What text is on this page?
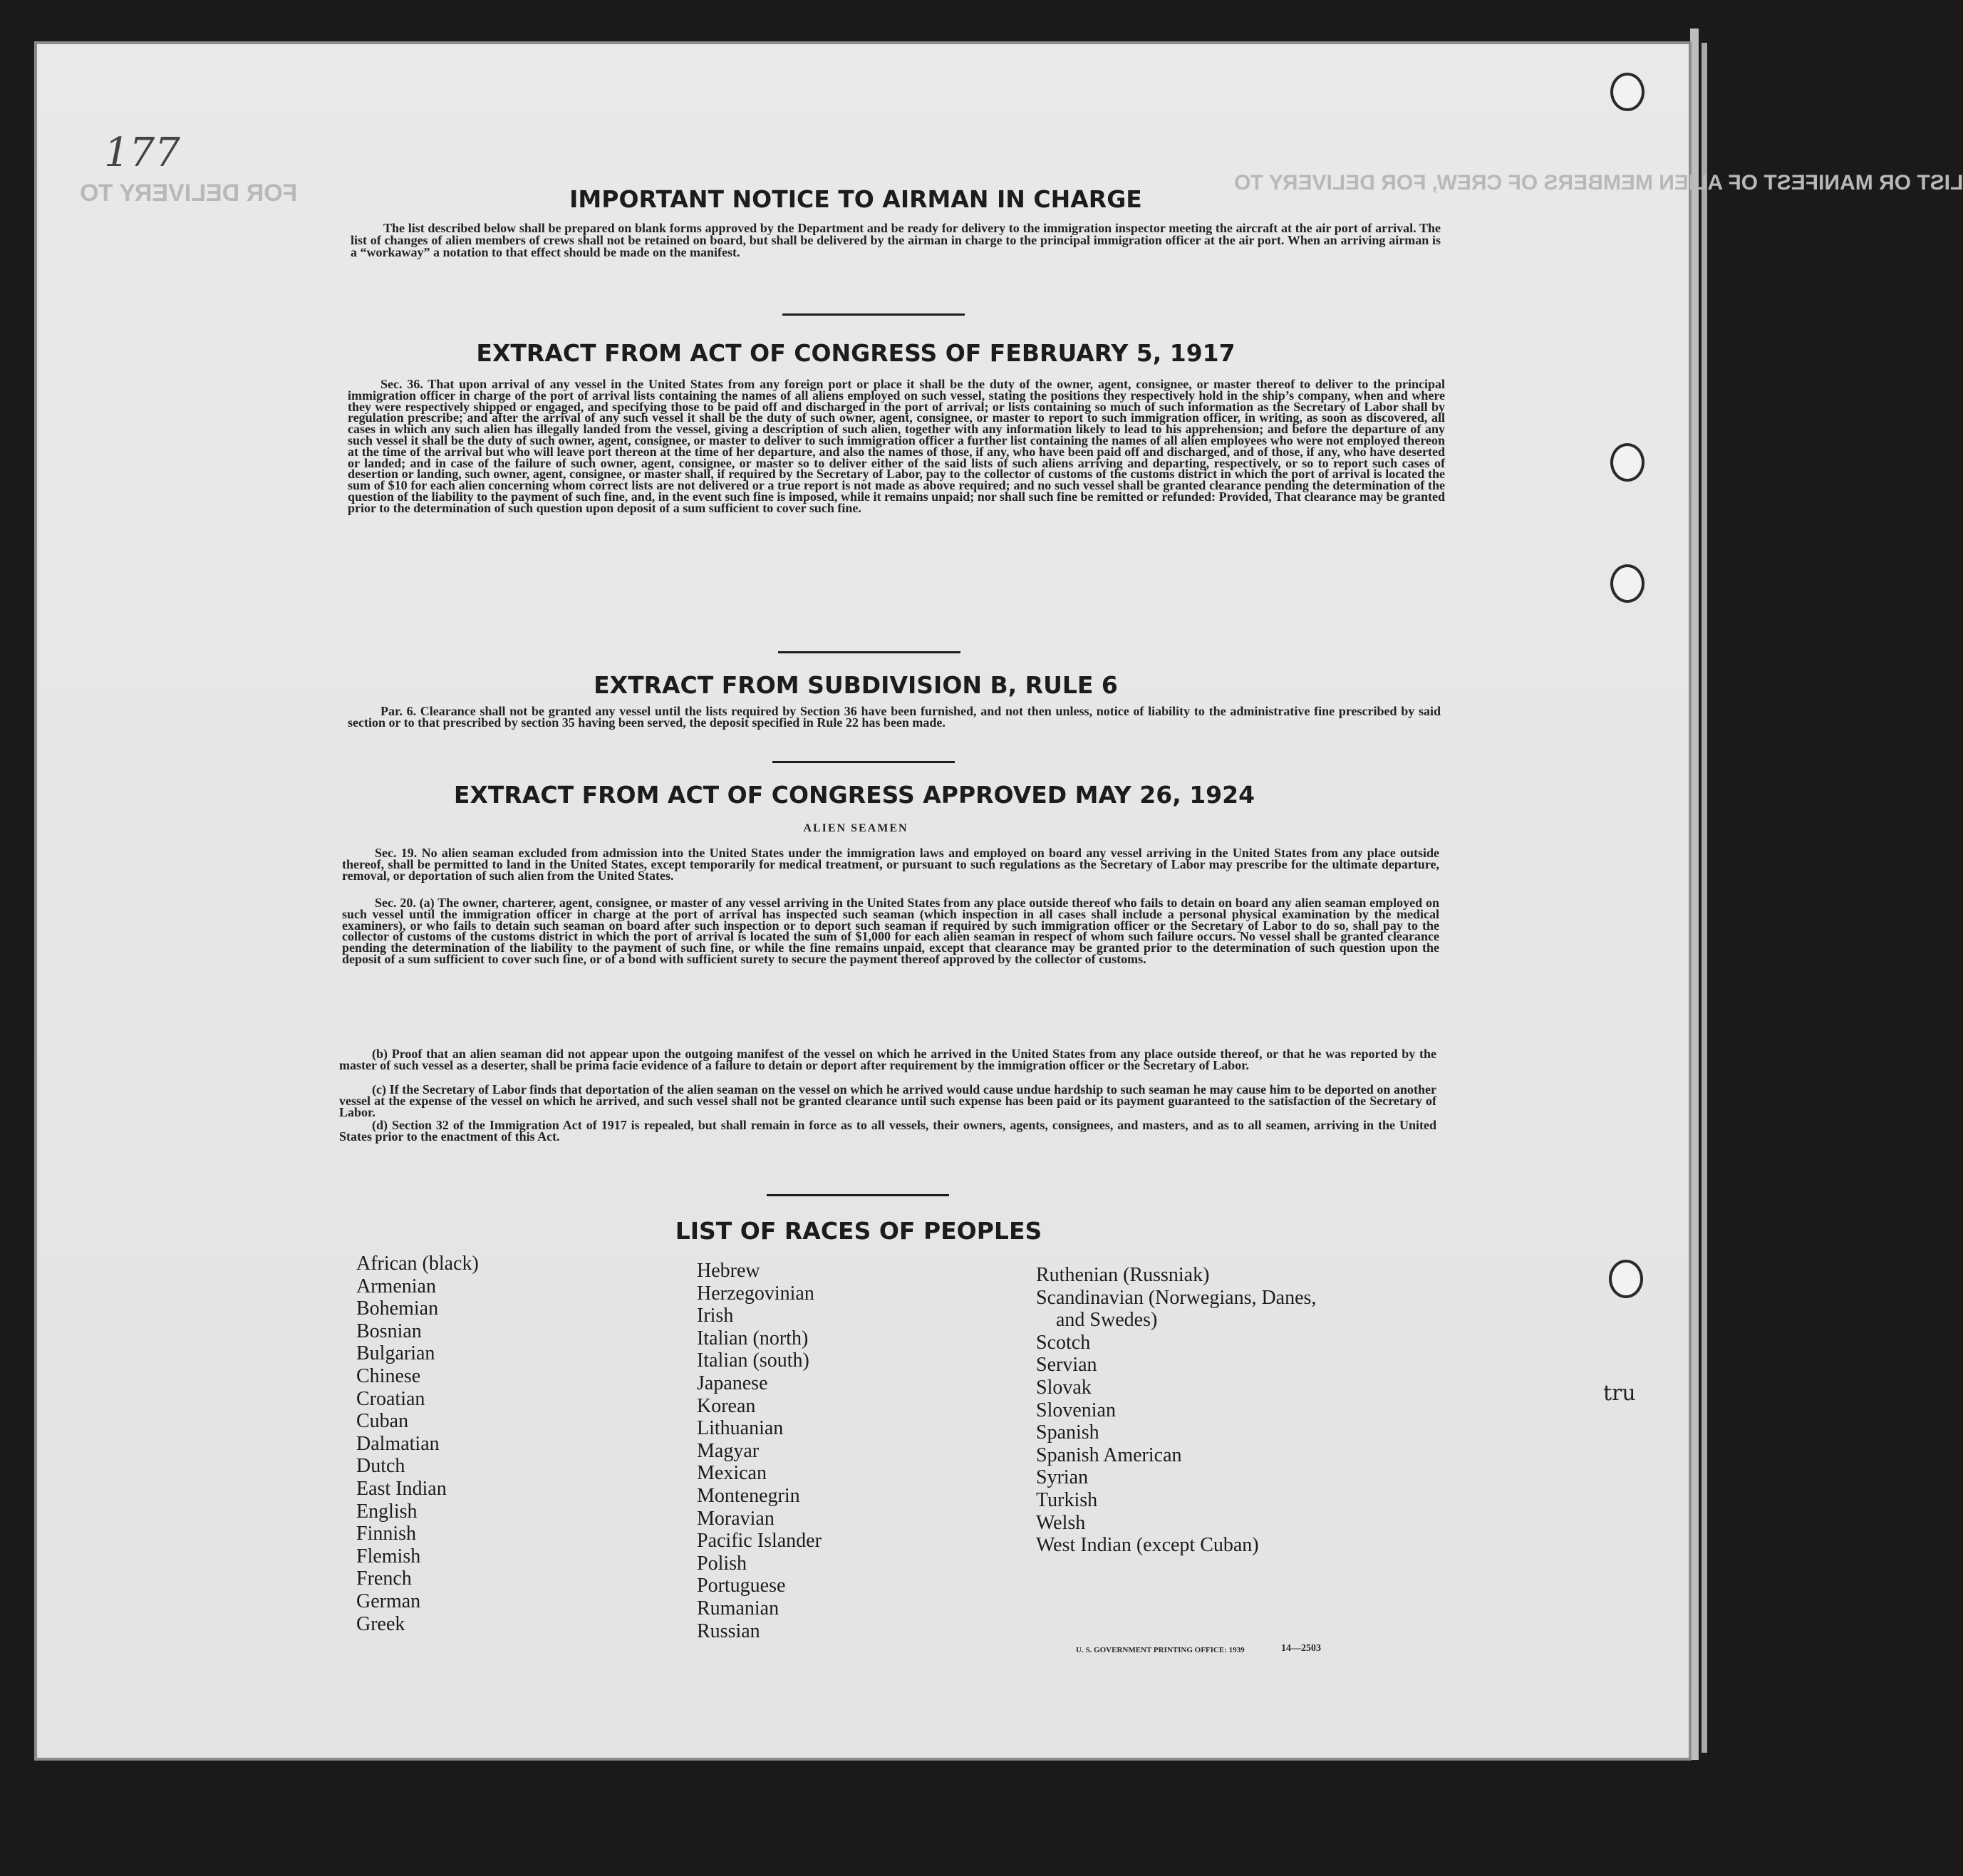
LIST OR MANIFEST OF ALIEN MEMBERS OF CREW, FOR DELIVERY TO
FOR DELIVERY TO
177
IMPORTANT NOTICE TO AIRMAN IN CHARGE

The list described below shall be prepared on blank forms approved by the Department and be ready for delivery to the immigration inspector meeting the aircraft at the air port of arrival. The list of changes of alien members of crews shall not be retained on board, but shall be delivered by the airman in charge to the principal immigration officer at the air port. When an arriving airman is a “workaway” a notation to that effect should be made on the manifest.

EXTRACT FROM ACT OF CONGRESS OF FEBRUARY 5, 1917

Sec. 36. That upon arrival of any vessel in the United States from any foreign port or place it shall be the duty of the owner, agent, consignee, or master thereof to deliver to the principal immigration officer in charge of the port of arrival lists containing the names of all aliens employed on such vessel, stating the positions they respectively hold in the ship’s company, when and where they were respectively shipped or engaged, and specifying those to be paid off and discharged in the port of arrival; or lists containing so much of such information as the Secretary of Labor shall by regulation prescribe; and after the arrival of any such vessel it shall be the duty of such owner, agent, consignee, or master to report to such immigration officer, in writing, as soon as discovered, all cases in which any such alien has illegally landed from the vessel, giving a description of such alien, together with any information likely to lead to his apprehension; and before the departure of any such vessel it shall be the duty of such owner, agent, consignee, or master to deliver to such immigration officer a further list containing the names of all alien employees who were not employed thereon at the time of the arrival but who will leave port thereon at the time of her departure, and also the names of those, if any, who have been paid off and discharged, and of those, if any, who have deserted or landed; and in case of the failure of such owner, agent, consignee, or master so to deliver either of the said lists of such aliens arriving and departing, respectively, or so to report such cases of desertion or landing, such owner, agent, consignee, or master shall, if required by the Secretary of Labor, pay to the collector of customs of the customs district in which the port of arrival is located the sum of $10 for each alien concerning whom correct lists are not delivered or a true report is not made as above required; and no such vessel shall be granted clearance pending the determination of the question of the liability to the payment of such fine, and, in the event such fine is imposed, while it remains unpaid; nor shall such fine be remitted or refunded: Provided, That clearance may be granted prior to the determination of such question upon deposit of a sum sufficient to cover such fine.

EXTRACT FROM SUBDIVISION B, RULE 6

Par. 6. Clearance shall not be granted any vessel until the lists required by Section 36 have been furnished, and not then unless, notice of liability to the administrative fine prescribed by said section or to that prescribed by section 35 having been served, the deposit specified in Rule 22 has been made.

EXTRACT FROM ACT OF CONGRESS APPROVED MAY 26, 1924
ALIEN SEAMEN

Sec. 19. No alien seaman excluded from admission into the United States under the immigration laws and employed on board any vessel arriving in the United States from any place outside thereof, shall be permitted to land in the United States, except temporarily for medical treatment, or pursuant to such regulations as the Secretary of Labor may prescribe for the ultimate departure, removal, or deportation of such alien from the United States.

Sec. 20. (a) The owner, charterer, agent, consignee, or master of any vessel arriving in the United States from any place outside thereof who fails to detain on board any alien seaman employed on such vessel until the immigration officer in charge at the port of arrival has inspected such seaman (which inspection in all cases shall include a personal physical examination by the medical examiners), or who fails to detain such seaman on board after such inspection or to deport such seaman if required by such immigration officer or the Secretary of Labor to do so, shall pay to the collector of customs of the customs district in which the port of arrival is located the sum of $1,000 for each alien seaman in respect of whom such failure occurs. No vessel shall be granted clearance pending the determination of the liability to the payment of such fine, or while the fine remains unpaid, except that clearance may be granted prior to the determination of such question upon the deposit of a sum sufficient to cover such fine, or of a bond with sufficient surety to secure the payment thereof approved by the collector of customs.

(b) Proof that an alien seaman did not appear upon the outgoing manifest of the vessel on which he arrived in the United States from any place outside thereof, or that he was reported by the master of such vessel as a deserter, shall be prima facie evidence of a failure to detain or deport after requirement by the immigration officer or the Secretary of Labor.

(c) If the Secretary of Labor finds that deportation of the alien seaman on the vessel on which he arrived would cause undue hardship to such seaman he may cause him to be deported on another vessel at the expense of the vessel on which he arrived, and such vessel shall not be granted clearance until such expense has been paid or its payment guaranteed to the satisfaction of the Secretary of Labor.

(d) Section 32 of the Immigration Act of 1917 is repealed, but shall remain in force as to all vessels, their owners, agents, consignees, and masters, and as to all seamen, arriving in the United States prior to the enactment of this Act.

LIST OF RACES OF PEOPLES
African (black)
Armenian
Bohemian
Bosnian
Bulgarian
Chinese
Croatian
Cuban
Dalmatian
Dutch
East Indian
English
Finnish
Flemish
French
German
Greek
Hebrew
Herzegovinian
Irish
Italian (north)
Italian (south)
Japanese
Korean
Lithuanian
Magyar
Mexican
Montenegrin
Moravian
Pacific Islander
Polish
Portuguese
Rumanian
Russian
Ruthenian (Russniak)
Scandinavian (Norwegians, Danes,
and Swedes)
Scotch
Servian
Slovak
Slovenian
Spanish
Spanish American
Syrian
Turkish
Welsh
West Indian (except Cuban)
U. S. GOVERNMENT PRINTING OFFICE: 1939	14—2503
tru
